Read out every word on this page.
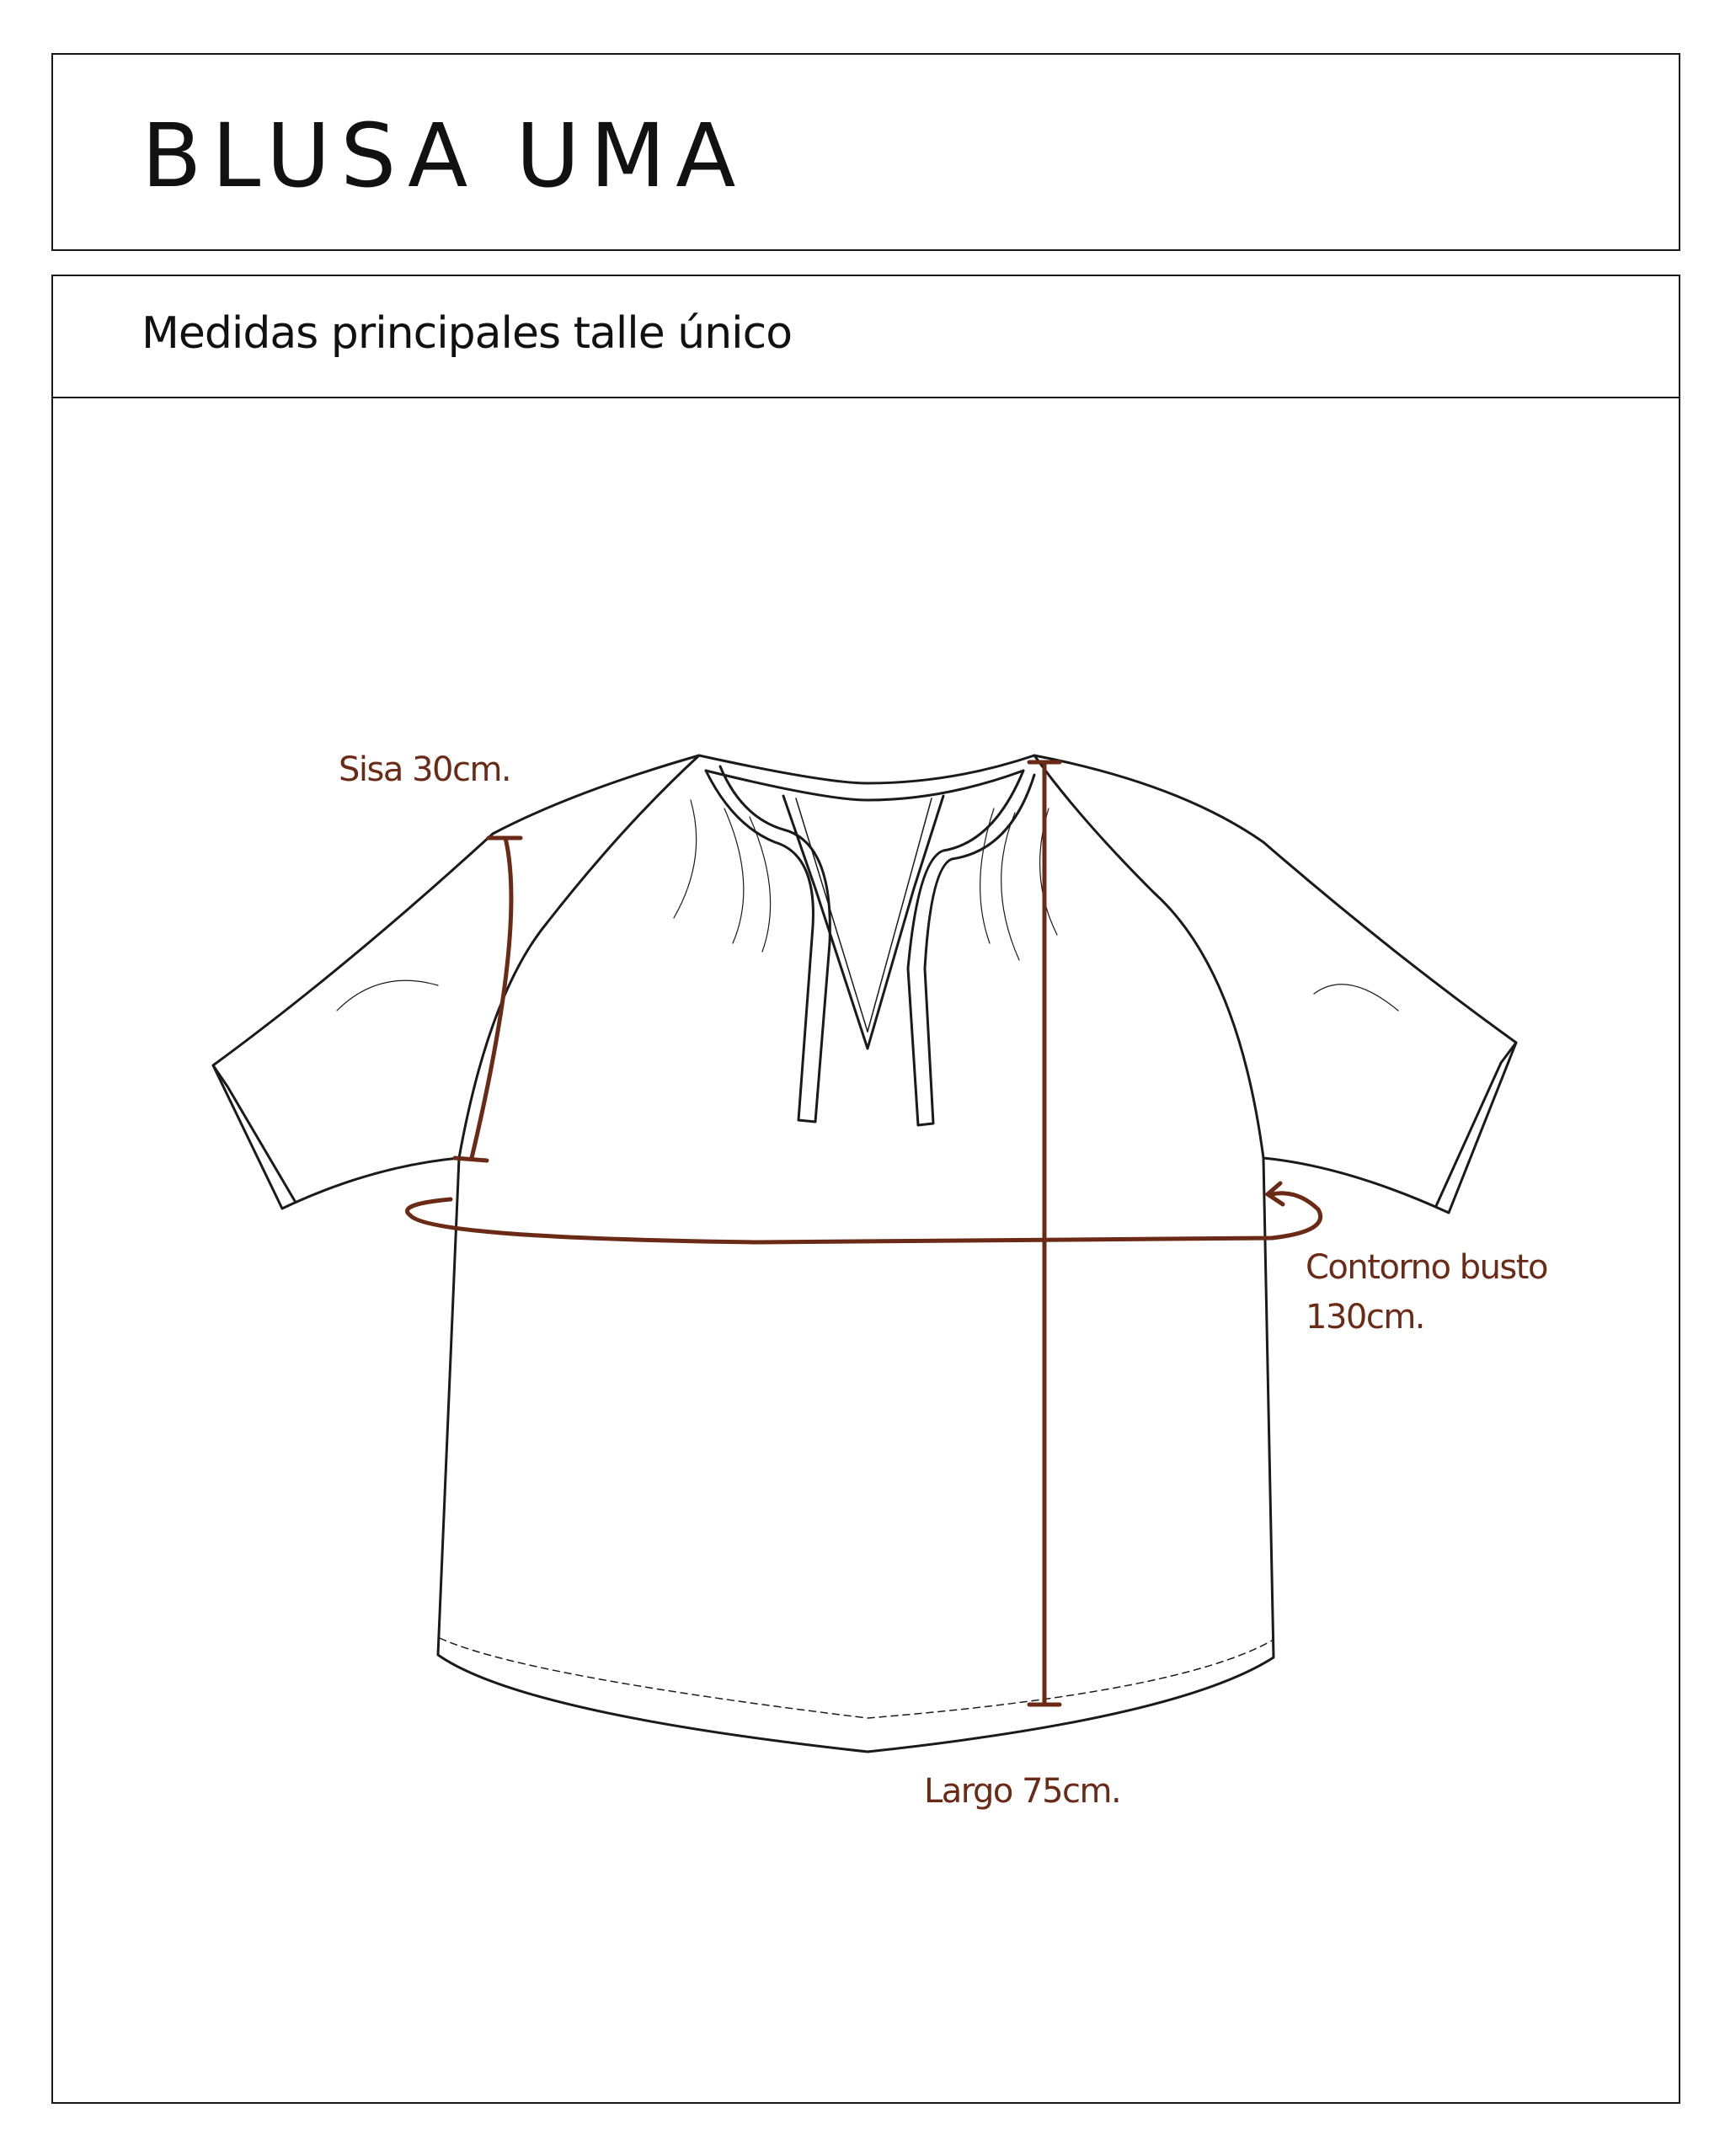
BLUSA UMA

Medidas principales talle único

Sisa 30cm.
Contorno busto
130cm.
Largo 75cm.
